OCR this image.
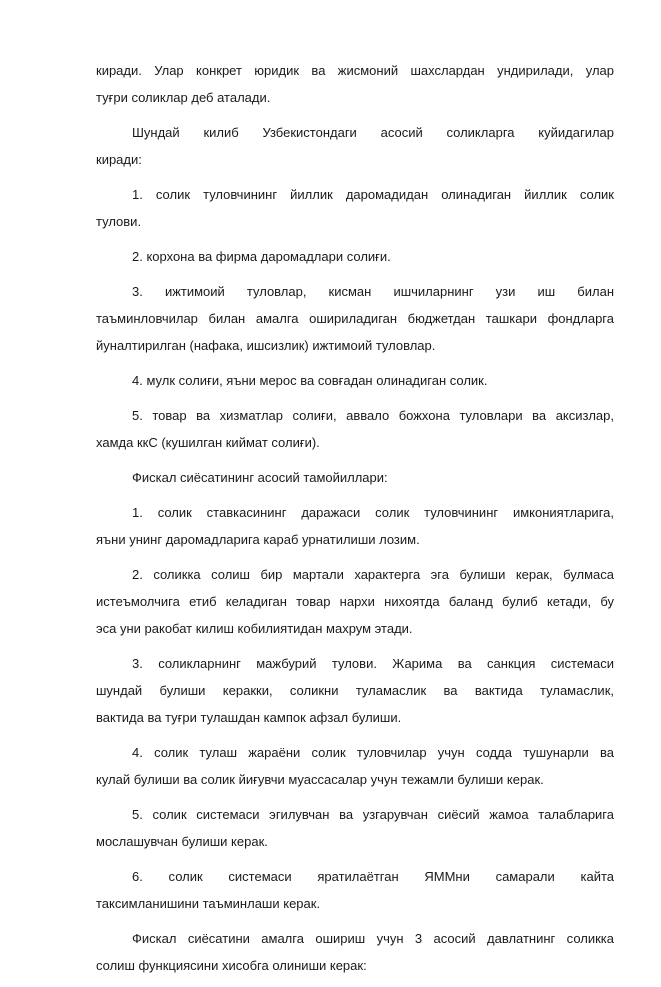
киради. Улар конкрет юридик ва жисмоний шахслардан ундирилади, улар
туғри соликлар деб аталади.
Шундай килиб Узбекистондаги асосий соликларга куйидагилар
киради:
1. солик туловчининг йиллик даромадидан олинадиган йиллик солик
тулови.
2. корхона ва фирма даромадлари солиғи.
3. ижтимоий туловлар, кисман ишчиларнинг узи иш билан
таъминловчилар билан амалга ошириладиган бюджетдан ташкари фондларга
йуналтирилган (нафака, ишсизлик) ижтимоий туловлар.
4. мулк солиғи, яъни мерос ва совғадан олинадиган солик.
5. товар ва хизматлар солиғи, аввало божхона туловлари ва аксизлар,
хамда ккС (кушилган киймат солиғи).
Фискал сиёсатининг асосий тамойиллари:
1. солик ставкасининг даражаси солик туловчининг имкониятларига,
яъни унинг даромадларига караб урнатилиши лозим.
2. соликка солиш бир мартали характерга эга булиши керак, булмаса
истеъмолчига етиб келадиган товар нархи нихоятда баланд булиб кетади, бу
эса уни ракобат килиш кобилиятидан махрум этади.
3. соликларнинг мажбурий тулови. Жарима ва санкция системаси
шундай булиши керакки, соликни туламаслик ва вактида туламаслик,
вактида ва туғри тулашдан кампок афзал булиши.
4. солик тулаш жараёни солик туловчилар учун содда тушунарли ва
кулай булиши ва солик йиғувчи муассасалар учун тежамли булиши керак.
5. солик системаси эгилувчан ва узгарувчан сиёсий жамоа талабларига
мослашувчан булиши керак.
6. солик системаси яратилаётган ЯММни самарали кайта
таксимланишини таъминлаши керак.
Фискал сиёсатини амалга ошириш учун 3 асосий давлатнинг соликка
солиш функциясини хисобга олиниши керак:
